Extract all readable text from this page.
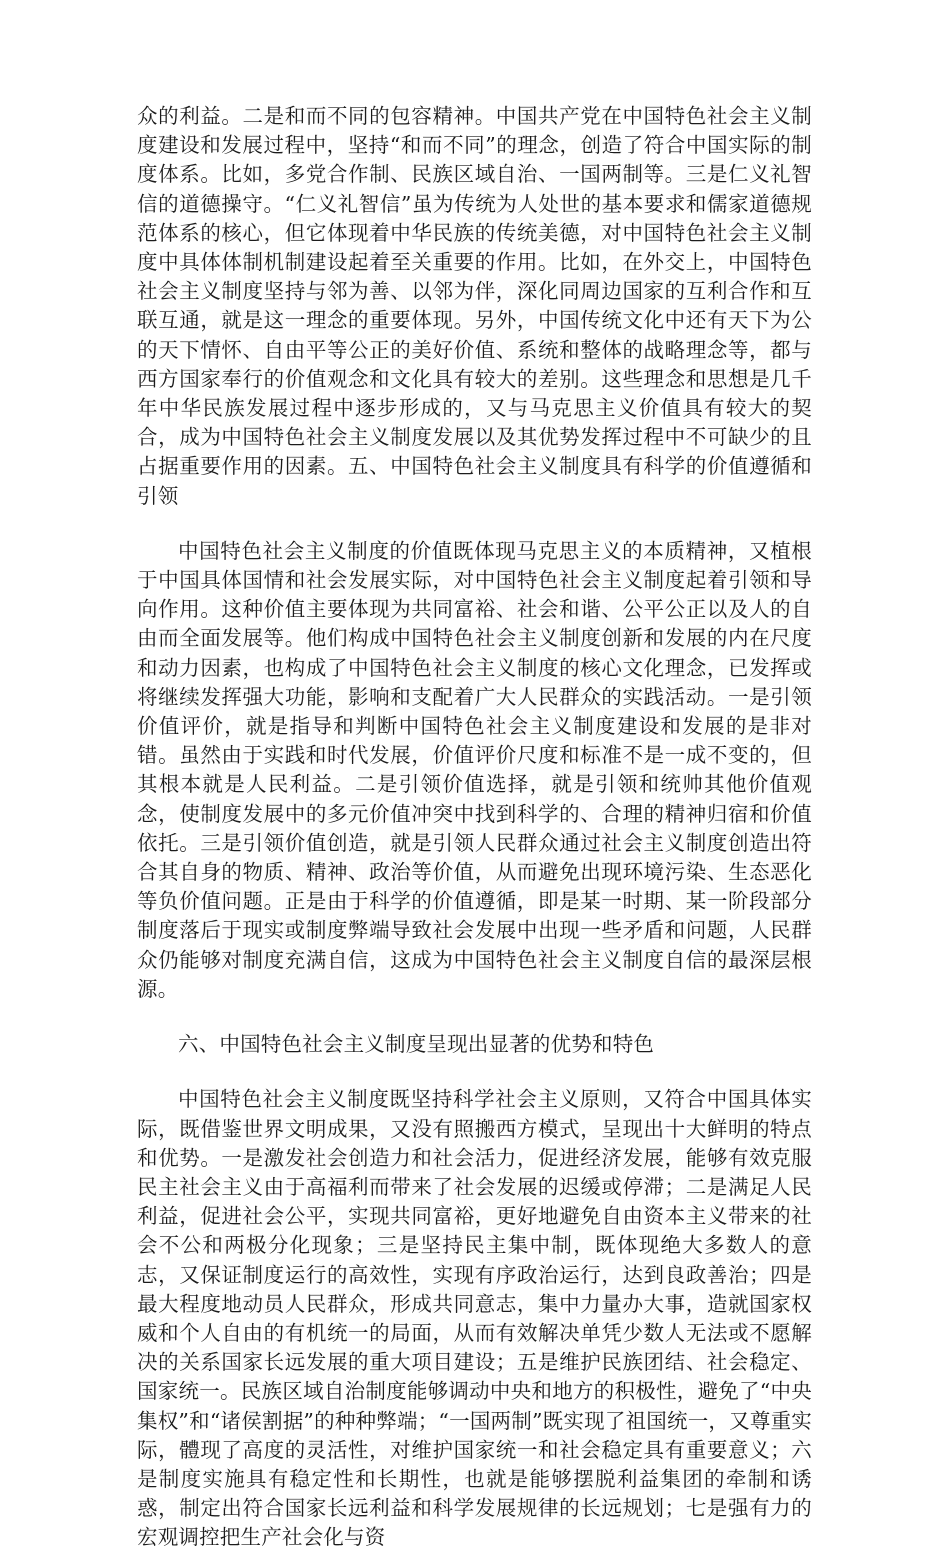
众的利益。二是和而不同的包容精神。中国共产党在中国特色社会主义制度建设和发展过程中，坚持“和而不同”的理念，创造了符合中国实际的制度体系。比如，多党合作制、民族区域自治、一国两制等。三是仁义礼智信的道德操守。“仁义礼智信”虽为传统为人处世的基本要求和儒家道德规范体系的核心，但它体现着中华民族的传统美德，对中国特色社会主义制度中具体体制机制建设起着至关重要的作用。比如，在外交上，中国特色社会主义制度坚持与邻为善、以邻为伴，深化同周边国家的互利合作和互联互通，就是这一理念的重要体现。另外，中国传统文化中还有天下为公的天下情怀、自由平等公正的美好价值、系统和整体的战略理念等，都与西方国家奉行的价值观念和文化具有较大的差别。这些理念和思想是几千年中华民族发展过程中逐步形成的，又与马克思主义价值具有较大的契合，成为中国特色社会主义制度发展以及其优势发挥过程中不可缺少的且占据重要作用的因素。五、中国特色社会主义制度具有科学的价值遵循和引领

中国特色社会主义制度的价值既体现马克思主义的本质精神，又植根于中国具体国情和社会发展实际，对中国特色社会主义制度起着引领和导向作用。这种价值主要体现为共同富裕、社会和谐、公平公正以及人的自由而全面发展等。他们构成中国特色社会主义制度创新和发展的内在尺度和动力因素，也构成了中国特色社会主义制度的核心文化理念，已发挥或将继续发挥强大功能，影响和支配着广大人民群众的实践活动。一是引领价值评价，就是指导和判断中国特色社会主义制度建设和发展的是非对错。虽然由于实践和时代发展，价值评价尺度和标准不是一成不变的，但其根本就是人民利益。二是引领价值选择，就是引领和统帅其他价值观念，使制度发展中的多元价值冲突中找到科学的、合理的精神归宿和价值依托。三是引领价值创造，就是引领人民群众通过社会主义制度创造出符合其自身的物质、精神、政治等价值，从而避免出现环境污染、生态恶化等负价值问题。正是由于科学的价值遵循，即是某一时期、某一阶段部分制度落后于现实或制度弊端导致社会发展中出现一些矛盾和问题，人民群众仍能够对制度充满自信，这成为中国特色社会主义制度自信的最深层根源。

六、中国特色社会主义制度呈现出显著的优势和特色

中国特色社会主义制度既坚持科学社会主义原则，又符合中国具体实际，既借鉴世界文明成果，又没有照搬西方模式，呈现出十大鲜明的特点和优势。一是激发社会创造力和社会活力，促进经济发展，能够有效克服民主社会主义由于高福利而带来了社会发展的迟缓或停滞；二是满足人民利益，促进社会公平，实现共同富裕，更好地避免自由资本主义带来的社会不公和两极分化现象；三是坚持民主集中制，既体现绝大多数人的意志，又保证制度运行的高效性，实现有序政治运行，达到良政善治；四是最大程度地动员人民群众，形成共同意志，集中力量办大事，造就国家权威和个人自由的有机统一的局面，从而有效解决单凭少数人无法或不愿解决的关系国家长远发展的重大项目建设；五是维护民族团结、社会稳定、国家统一。民族区域自治制度能够调动中央和地方的积极性，避免了“中央集权”和“诸侯割据”的种种弊端；“一国两制”既实现了祖国统一，又尊重实际，體现了高度的灵活性，对维护国家统一和社会稳定具有重要意义；六是制度实施具有稳定性和长期性，也就是能够摆脱利益集团的牵制和诱惑，制定出符合国家长远利益和科学发展规律的长远规划；七是强有力的宏观调控把生产社会化与资
